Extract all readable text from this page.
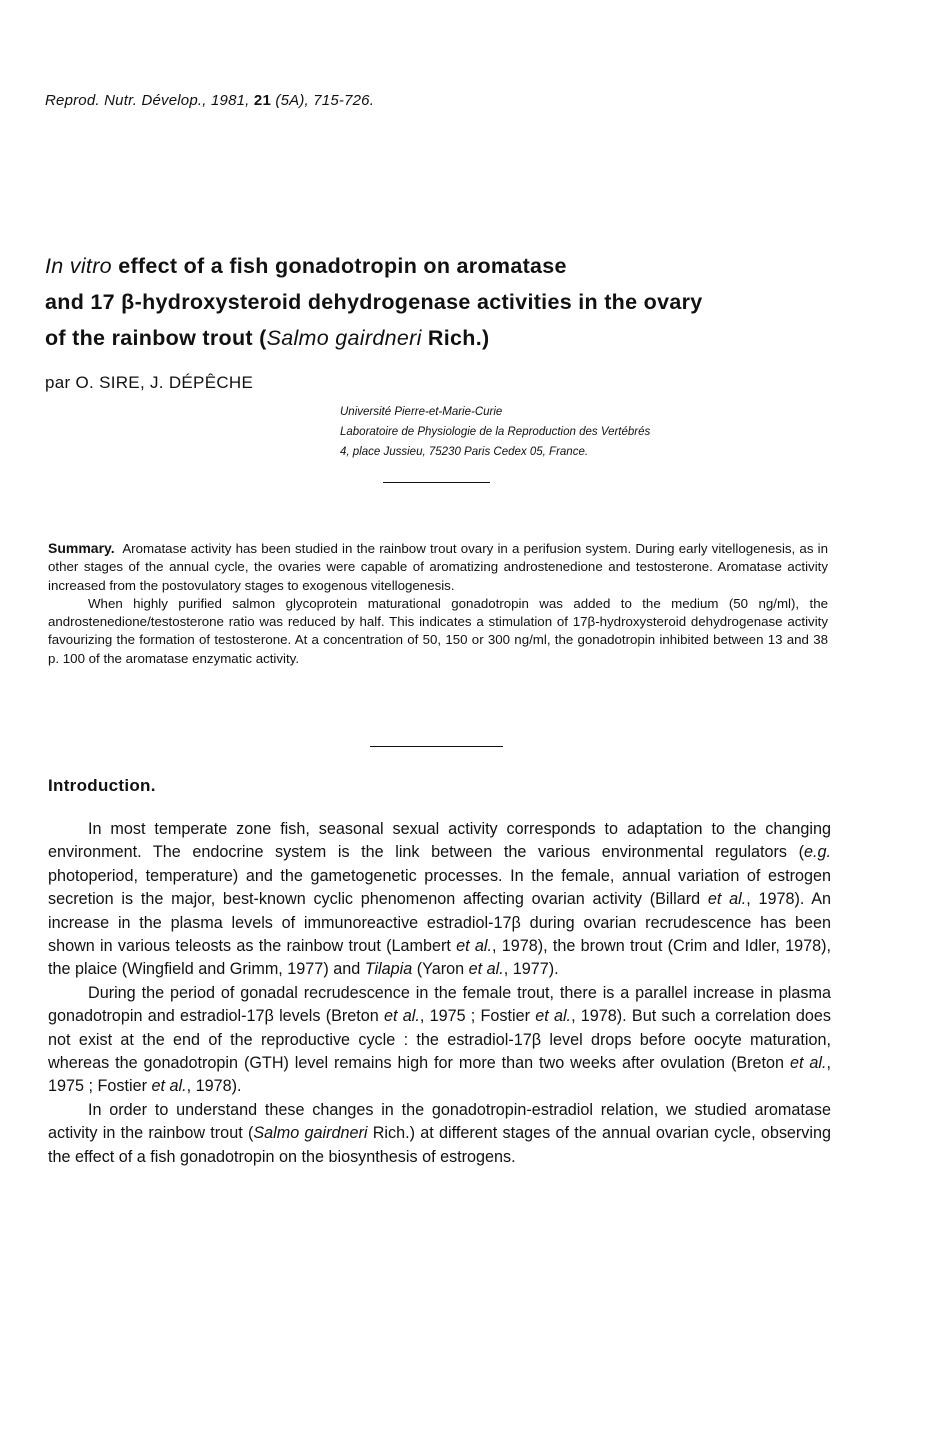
Reprod. Nutr. Dévelop., 1981, 21 (5A), 715-726.
In vitro effect of a fish gonadotropin on aromatase
and 17 β-hydroxysteroid dehydrogenase activities in the ovary
of the rainbow trout (Salmo gairdneri Rich.)
par O. SIRE, J. DÉPÊCHE
Université Pierre-et-Marie-Curie
Laboratoire de Physiologie de la Reproduction des Vertébrés
4, place Jussieu, 75230 Paris Cedex 05, France.

Summary. Aromatase activity has been studied in the rainbow trout ovary in a perifusion system. During early vitellogenesis, as in other stages of the annual cycle, the ovaries were capable of aromatizing androstenedione and testosterone. Aromatase activity increased from the postovulatory stages to exogenous vitellogenesis.

When highly purified salmon glycoprotein maturational gonadotropin was added to the medium (50 ng/ml), the androstenedione/testosterone ratio was reduced by half. This indicates a stimulation of 17β-hydroxysteroid dehydrogenase activity favourizing the formation of testosterone. At a concentration of 50, 150 or 300 ng/ml, the gonadotropin inhibited between 13 and 38 p. 100 of the aromatase enzymatic activity.

Introduction.

In most temperate zone fish, seasonal sexual activity corresponds to adaptation to the changing environment. The endocrine system is the link between the various environmental regulators (e.g. photoperiod, temperature) and the gametogenetic processes. In the female, annual variation of estrogen secretion is the major, best-known cyclic phenomenon affecting ovarian activity (Billard et al., 1978). An increase in the plasma levels of immunoreactive estradiol-17β during ovarian recrudescence has been shown in various teleosts as the rainbow trout (Lambert et al., 1978), the brown trout (Crim and Idler, 1978), the plaice (Wingfield and Grimm, 1977) and Tilapia (Yaron et al., 1977).

During the period of gonadal recrudescence in the female trout, there is a parallel increase in plasma gonadotropin and estradiol-17β levels (Breton et al., 1975 ; Fostier et al., 1978). But such a correlation does not exist at the end of the reproductive cycle : the estradiol-17β level drops before oocyte maturation, whereas the gonadotropin (GTH) level remains high for more than two weeks after ovulation (Breton et al., 1975 ; Fostier et al., 1978).

In order to understand these changes in the gonadotropin-estradiol relation, we studied aromatase activity in the rainbow trout (Salmo gairdneri Rich.) at different stages of the annual ovarian cycle, observing the effect of a fish gonadotropin on the biosynthesis of estrogens.
